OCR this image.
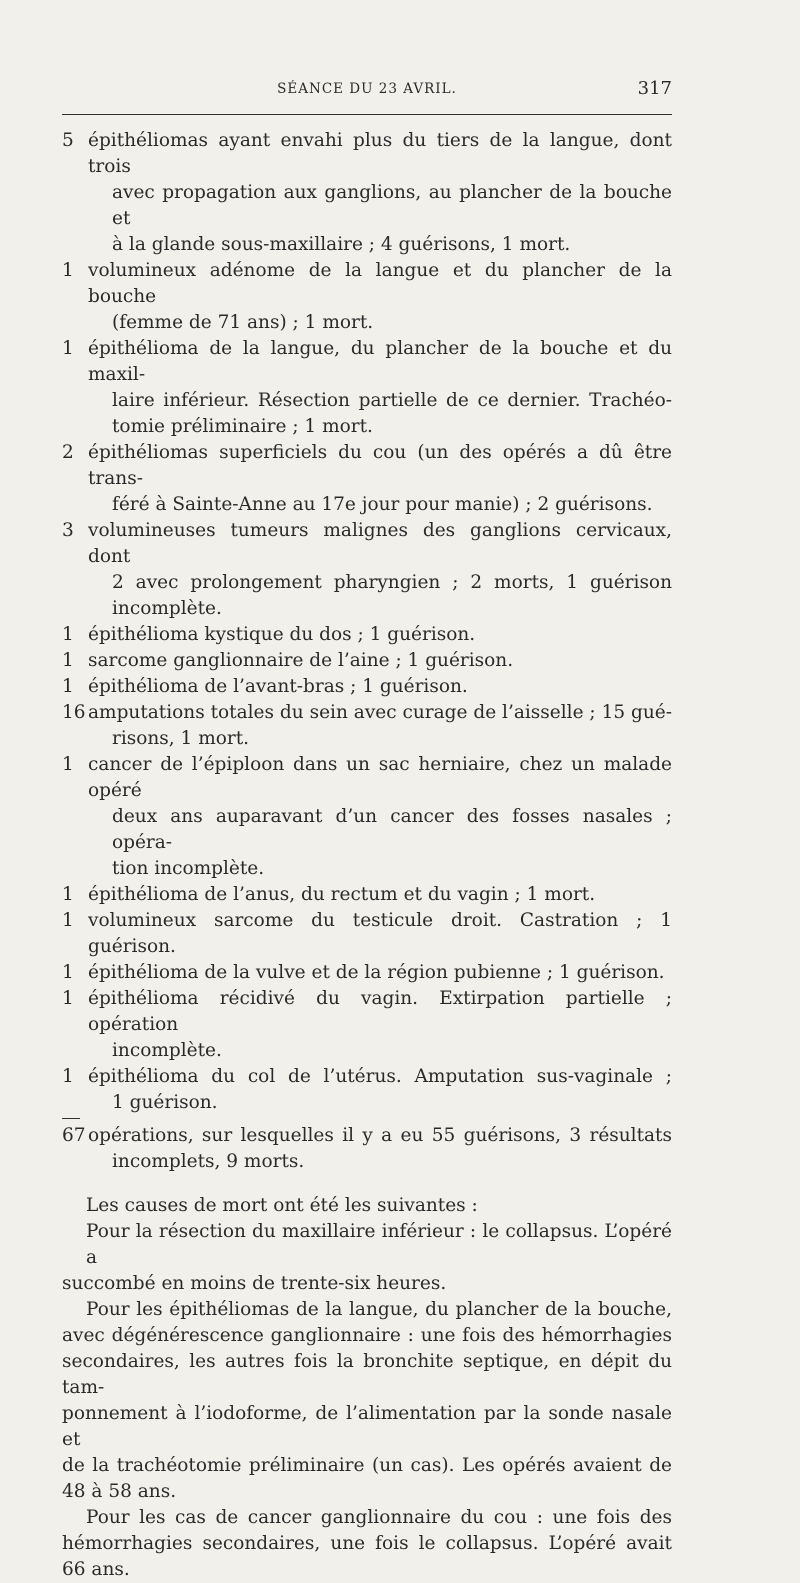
SÉANCE DU 23 AVRIL.	317
5 épithéliomas ayant envahi plus du tiers de la langue, dont trois
avec propagation aux ganglions, au plancher de la bouche et
à la glande sous-maxillaire ; 4 guérisons, 1 mort.
1 volumineux adénome de la langue et du plancher de la bouche
(femme de 71 ans) ; 1 mort.
1 épithélioma de la langue, du plancher de la bouche et du maxil-
laire inférieur. Résection partielle de ce dernier. Trachéo-
tomie préliminaire ; 1 mort.
2 épithéliomas superficiels du cou (un des opérés a dû être trans-
féré à Sainte-Anne au 17e jour pour manie) ; 2 guérisons.
3 volumineuses tumeurs malignes des ganglions cervicaux, dont
2 avec prolongement pharyngien ; 2 morts, 1 guérison
incomplète.
1 épithélioma kystique du dos ; 1 guérison.
1 sarcome ganglionnaire de l’aine ; 1 guérison.
1 épithélioma de l’avant-bras ; 1 guérison.
16 amputations totales du sein avec curage de l’aisselle ; 15 gué-
risons, 1 mort.
1 cancer de l’épiploon dans un sac herniaire, chez un malade opéré
deux ans auparavant d’un cancer des fosses nasales ; opéra-
tion incomplète.
1 épithélioma de l’anus, du rectum et du vagin ; 1 mort.
1 volumineux sarcome du testicule droit. Castration ; 1 guérison.
1 épithélioma de la vulve et de la région pubienne ; 1 guérison.
1 épithélioma récidivé du vagin. Extirpation partielle ; opération
incomplète.
1 épithélioma du col de l’utérus. Amputation sus-vaginale ;
1 guérison.
67 opérations, sur lesquelles il y a eu 55 guérisons, 3 résultats
incomplets, 9 morts.
Les causes de mort ont été les suivantes :
Pour la résection du maxillaire inférieur : le collapsus. L’opéré a
succombé en moins de trente-six heures.
Pour les épithéliomas de la langue, du plancher de la bouche,
avec dégénérescence ganglionnaire : une fois des hémorrhagies
secondaires, les autres fois la bronchite septique, en dépit du tam-
ponnement à l’iodoforme, de l’alimentation par la sonde nasale et
de la trachéotomie préliminaire (un cas). Les opérés avaient de
48 à 58 ans.
Pour les cas de cancer ganglionnaire du cou : une fois des
hémorrhagies secondaires, une fois le collapsus. L’opéré avait
66 ans.
